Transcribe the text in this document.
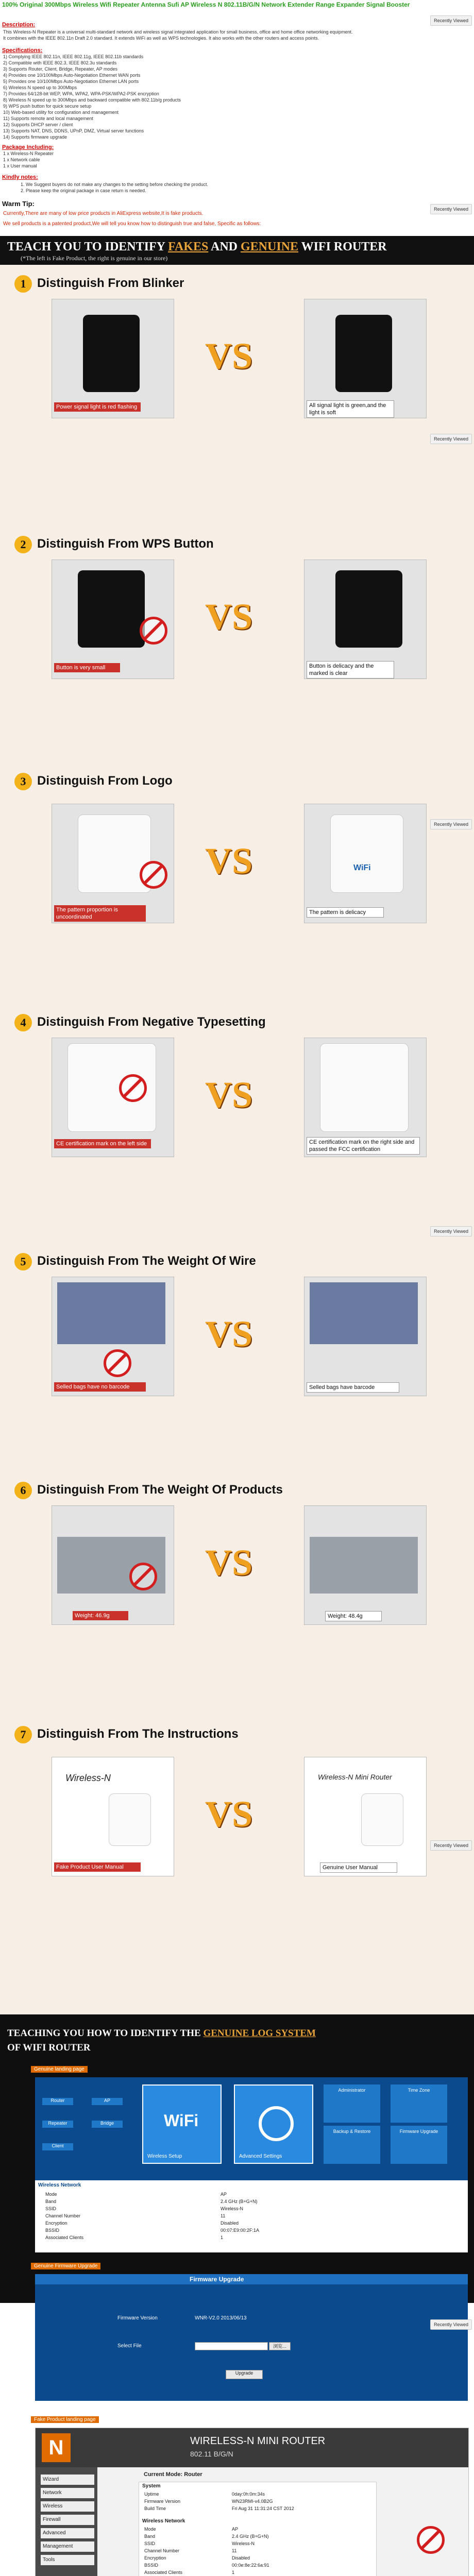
100% Original 300Mbps Wireless Wifi Repeater Antenna Sufi AP Wireless N 802.11B/G/N Network Extender Range Expander Signal Booster
Recently Viewed
Description:
This Wireless-N Repeater is a universal multi-standard network and wireless signal integrated application for small business, office and home office networking equipment.
It combines with the IEEE 802.11n Draft 2.0 standard. It extends WiFi as well as WPS technologies. It also works with the other routers and access points.
Specifications:
1) Complying IEEE 802.11n, IEEE 802.11g, IEEE 802.11b standards
2) Compatible with IEEE 802.3, IEEE 802.3u standards
3) Supports Router, Client, Bridge, Repeater, AP modes
4) Provides one 10/100Mbps Auto-Negotiation Ethernet WAN ports
5) Provides one 10/100Mbps Auto-Negotiation Ethernet LAN ports
6) Wireless N speed up to 300Mbps
7) Provides 64/128-bit WEP, WPA, WPA2, WPA-PSK/WPA2-PSK encryption
8) Wireless N speed up to 300Mbps and backward compatible with 802.11b/g products
9) WPS push button for quick secure setup
10) Web-based utility for configuration and management
11) Supports remote and local management
12) Supports DHCP server / client
13) Supports NAT, DNS, DDNS, UPnP, DMZ, Virtual server functions
14) Supports firmware upgrade
Package Including:
1 x Wireless-N Repeater
1 x Network cable
1 x User manual
Kindly notes:
1. We Suggest buyers do not make any changes to the setting before checking the product.
2. Please keep the original package in case return is needed.
Warm Tip:
Recently Viewed
Currently,There are many of low price products in AliExpress website,It is fake products.
We sell products is a patented product,We will tell you know how to distinguish true and false, Specific as follows:
TEACH YOU TO IDENTIFY FAKES AND GENUINE WIFI ROUTER
(*The left is Fake Product, the right is genuine in our store)
1 Distinguish From Blinker
Power signal light is red flashing
VS
All signal light is green,and the light is soft
Recently Viewed
2 Distinguish From WPS Button
Button is very small
VS
Button is delicacy and the marked is clear
3 Distinguish From Logo
The pattern proportion is uncoordinated
VS	WiFi
The pattern is delicacy
Recently Viewed
4 Distinguish From Negative Typesetting
CE certification mark on the left side
VS
CE certification mark on the right side and passed the FCC certification
Recently Viewed
5 Distinguish From The Weight Of Wire
Selled bags have no barcode
VS
Selled bags have barcode
6 Distinguish From The Weight Of Products
Weight: 46.9g
VS
Weight: 48.4g
7 Distinguish From The Instructions
Wireless-N
Fake Product User Manual
VS
Wireless-N Mini Router
Genuine User Manual
Recently Viewed
TEACHING YOU HOW TO IDENTIFY THE GENUINE LOG SYSTEM
OF WIFI ROUTER
Genuine landing page
Router	AP
Repeater	Bridge
Client
WiFi
Wireless Setup	Advanced Settings
Administrator	Time Zone
Backup & Restore	Firmware Upgrade
Wireless Network
Mode	AP
Band	2.4 GHz (B+G+N)
SSID	Wireless-N
Channel Number	11
Encryption	Disabled
BSSID	00:07:E9:00:2F:1A
Associated Clients	1
Genuine Firmware Upgrade
Firmware Upgrade
Firmware Version	WNR-V2.0 2013/06/13
Select File	浏览...
Upgrade
Recently Viewed
Fake Product landing page
N	WIRELESS-N MINI ROUTER
802.11 B/G/N
Wizard
Network
Wireless
Firewall
Advanced
Management
Tools
Current Mode: Router
System
Uptime	0day:0h:0m:34s
Firmware Version	WN23RMI-v4.0B2G
Build Time	Fri Aug 31 11:31:24 CST 2012
Wireless Network
Mode	AP
Band	2.4 GHz (B+G+N)
SSID	Wireless-N
Channel Number	11
Encryption	Disabled
BSSID	00:0e:8e:22:6a:91
Associated Clients	1
